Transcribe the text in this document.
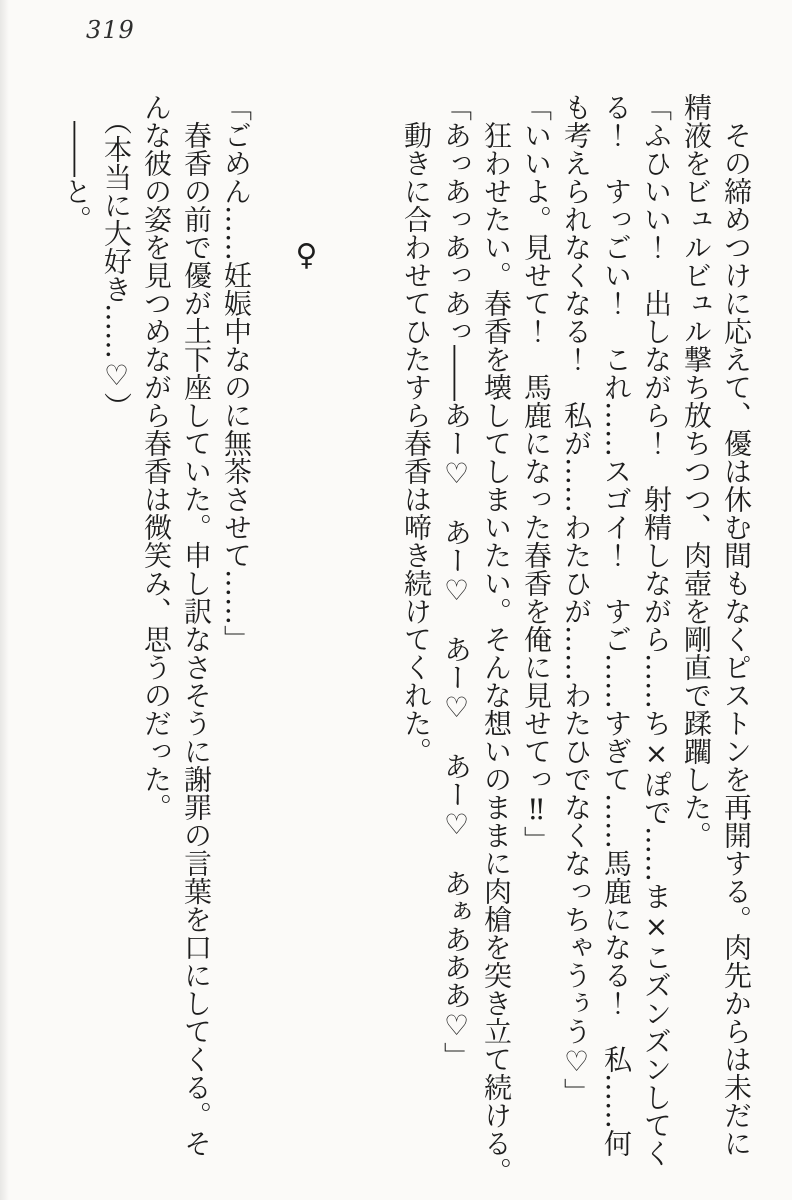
319

　その締めつけに応えて、優は休む間もなくピストンを再開する。肉先からは未だに

精液をビュルビュル撃ち放ちつつ、肉壺を剛直で蹂躙した。

「ふひいい！　出しながら！　射精しながら……ち×ぽで……ま×こズンズンしてく

る！　すっごい！　これ……スゴイ！　すご……すぎて……馬鹿になる！　私……何

も考えられなくなる！　私が……わたひが……わたひでなくなっちゃうぅう♡」

「いいよ。見せて！　馬鹿になった春香を俺に見せてっ‼」

　狂わせたい。春香を壊してしまいたい。そんな想いのままに肉槍を突き立て続ける。

「あっあっあっあっ――あー♡　あー♡　あー♡　あー♡　あぁあああ♡」

　動きに合わせてひたすら春香は啼き続けてくれた。

♀

「ごめん……妊娠中なのに無茶させて……」

　春香の前で優が土下座していた。申し訳なさそうに謝罪の言葉を口にしてくる。そ

んな彼の姿を見つめながら春香は微笑み、思うのだった。

　（本当に大好き……♡）

　――と。
